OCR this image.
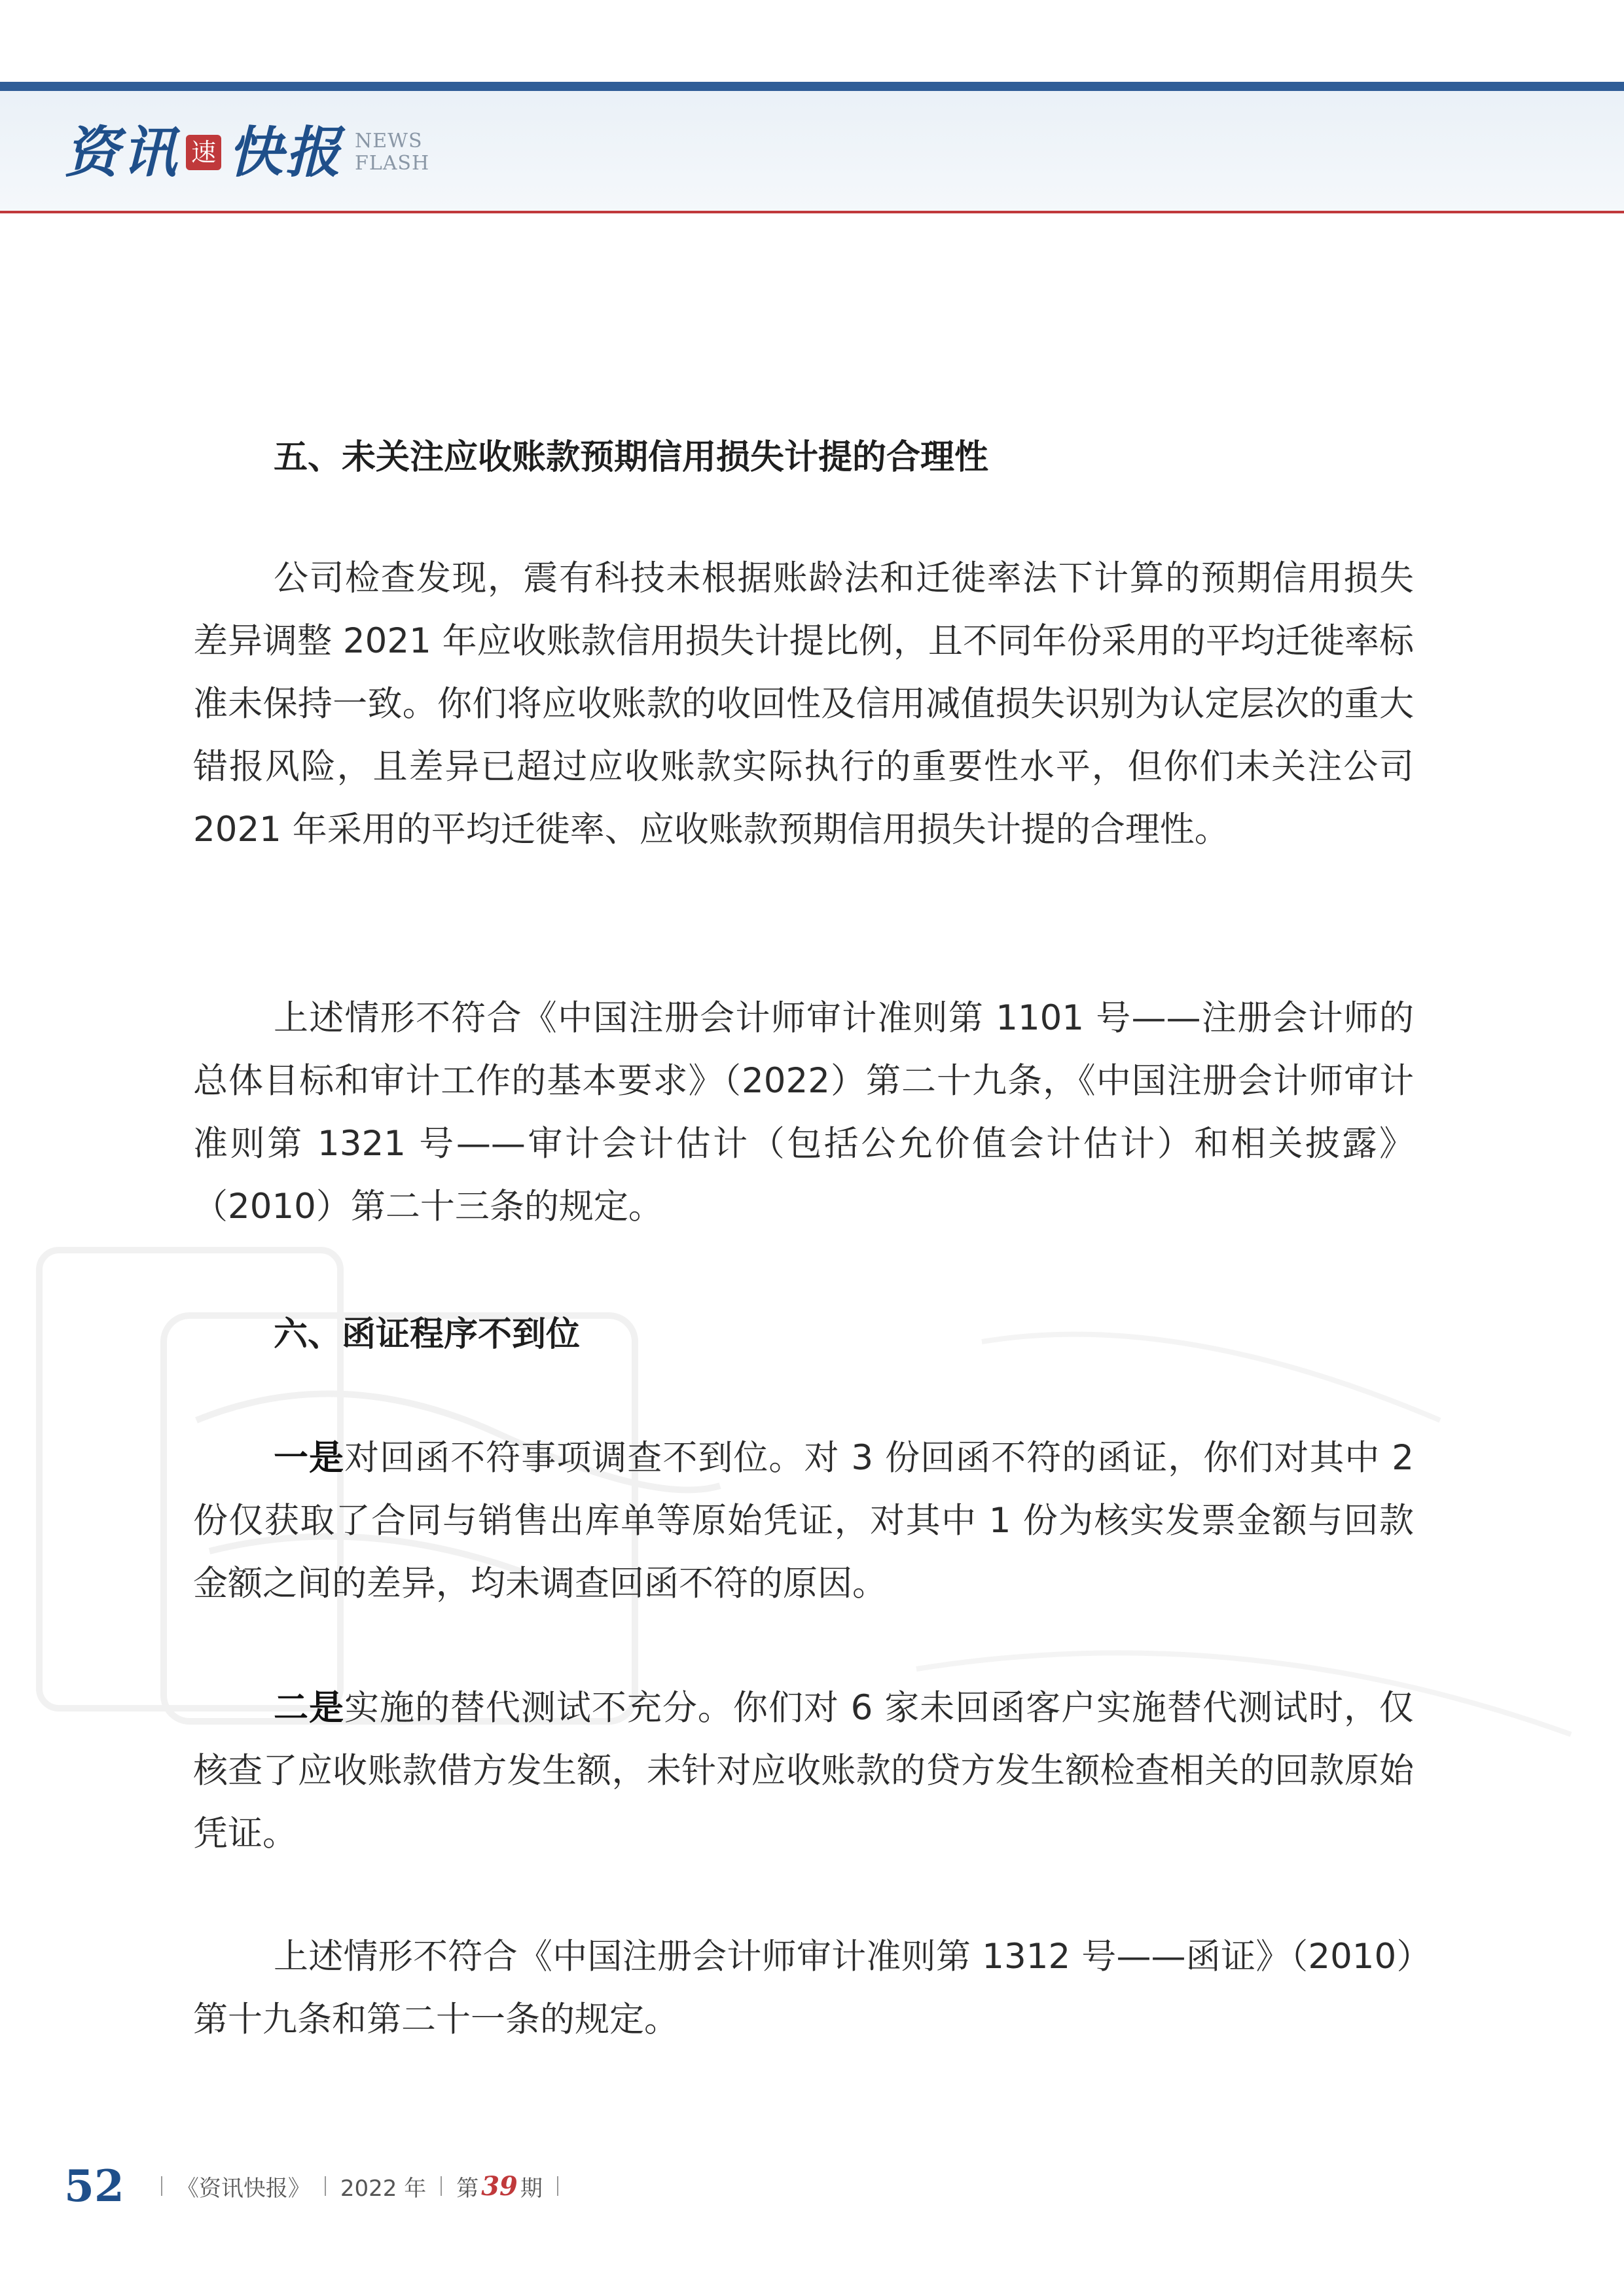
资讯 速 快报 NEWS
FLASH
五、未关注应收账款预期信用损失计提的合理性

公司检查发现，震有科技未根据账龄法和迁徙率法下计算的预期信用损失差异调整 2021 年应收账款信用损失计提比例，且不同年份采用的平均迁徙率标准未保持一致。你们将应收账款的收回性及信用减值损失识别为认定层次的重大错报风险，且差异已超过应收账款实际执行的重要性水平，但你们未关注公司 2021 年采用的平均迁徙率、应收账款预期信用损失计提的合理性。

上述情形不符合《中国注册会计师审计准则第 1101 号——注册会计师的总体目标和审计工作的基本要求》（2022）第二十九条，《中国注册会计师审计准则第 1321 号——审计会计估计（包括公允价值会计估计）和相关披露》（2010）第二十三条的规定。

六、函证程序不到位

一是对回函不符事项调查不到位。对 3 份回函不符的函证，你们对其中 2 份仅获取了合同与销售出库单等原始凭证，对其中 1 份为核实发票金额与回款金额之间的差异，均未调查回函不符的原因。

二是实施的替代测试不充分。你们对 6 家未回函客户实施替代测试时，仅核查了应收账款借方发生额，未针对应收账款的贷方发生额检查相关的回款原始凭证。

上述情形不符合《中国注册会计师审计准则第 1312 号——函证》（2010）第十九条和第二十一条的规定。

52 《资讯快报》 2022 年 第 39 期
